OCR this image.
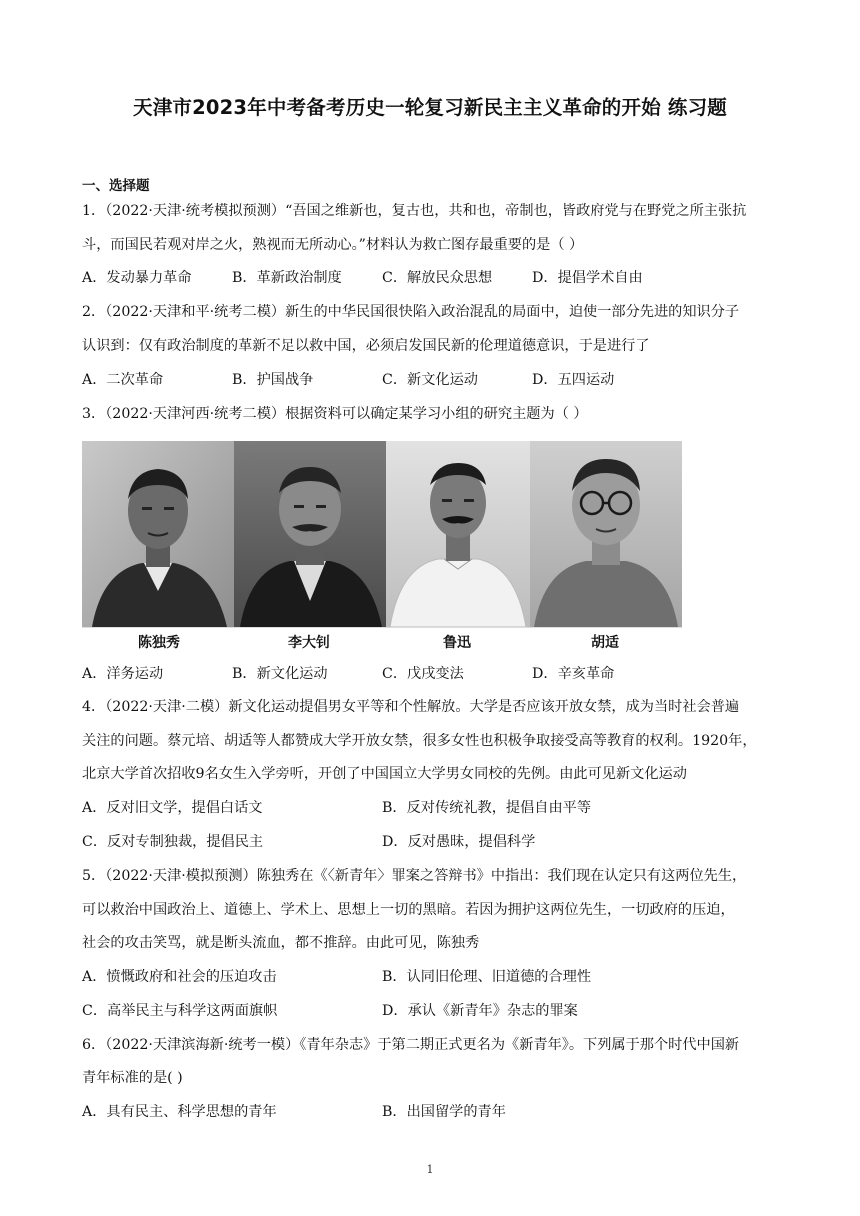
天津市2023年中考备考历史一轮复习新民主主义革命的开始 练习题
一、选择题
1．（2022·天津·统考模拟预测）“吾国之维新也，复古也，共和也，帝制也，皆政府党与在野党之所主张抗
斗，而国民若观对岸之火，熟视而无所动心。”材料认为救亡图存最重要的是（ ）
A．发动暴力革命	B．革新政治制度	C．解放民众思想	D．提倡学术自由
2．（2022·天津和平·统考二模）新生的中华民国很快陷入政治混乱的局面中，迫使一部分先进的知识分子
认识到：仅有政治制度的革新不足以救中国，必须启发国民新的伦理道德意识，于是进行了
A．二次革命	B．护国战争	C．新文化运动	D．五四运动
3．（2022·天津河西·统考二模）根据资料可以确定某学习小组的研究主题为（ ）
陈独秀	李大钊	鲁迅	胡适
A．洋务运动	B．新文化运动	C．戊戌变法	D．辛亥革命
4．（2022·天津·二模）新文化运动提倡男女平等和个性解放。大学是否应该开放女禁，成为当时社会普遍
关注的问题。蔡元培、胡适等人都赞成大学开放女禁，很多女性也积极争取接受高等教育的权利。1920年，
北京大学首次招收9名女生入学旁听，开创了中国国立大学男女同校的先例。由此可见新文化运动
A．反对旧文学，提倡白话文	B．反对传统礼教，提倡自由平等
C．反对专制独裁，提倡民主	D．反对愚昧，提倡科学
5．（2022·天津·模拟预测）陈独秀在《〈新青年〉罪案之答辩书》中指出：我们现在认定只有这两位先生，
可以救治中国政治上、道德上、学术上、思想上一切的黑暗。若因为拥护这两位先生，一切政府的压迫，
社会的攻击笑骂，就是断头流血，都不推辞。由此可见，陈独秀
A．愤慨政府和社会的压迫攻击	B．认同旧伦理、旧道德的合理性
C．高举民主与科学这两面旗帜	D．承认《新青年》杂志的罪案
6．（2022·天津滨海新·统考一模）《青年杂志》于第二期正式更名为《新青年》。下列属于那个时代中国新
青年标准的是( )
A．具有民主、科学思想的青年	B．出国留学的青年
1
